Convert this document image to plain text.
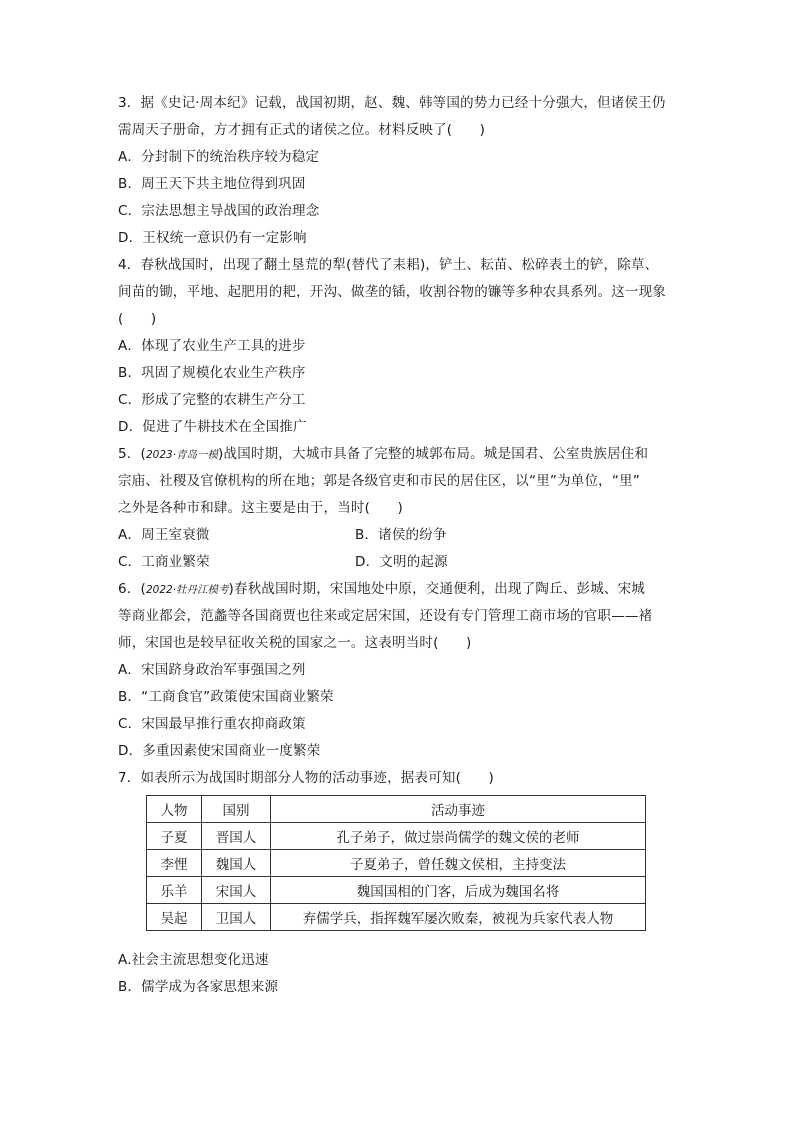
3．据《史记·周本纪》记载，战国初期，赵、魏、韩等国的势力已经十分强大，但诸侯王仍
需周天子册命，方才拥有正式的诸侯之位。材料反映了(　　)
A．分封制下的统治秩序较为稳定
B．周王天下共主地位得到巩固
C．宗法思想主导战国的政治理念
D．王权统一意识仍有一定影响
4．春秋战国时，出现了翻土垦荒的犁(替代了耒耜)，铲土、耘苗、松碎表土的铲，除草、
间苗的锄，平地、起肥用的耙，开沟、做垄的锸，收割谷物的镰等多种农具系列。这一现象
(　　)
A．体现了农业生产工具的进步
B．巩固了规模化农业生产秩序
C．形成了完整的农耕生产分工
D．促进了牛耕技术在全国推广
5．(2023·青岛一模)战国时期，大城市具备了完整的城郭布局。城是国君、公室贵族居住和
宗庙、社稷及官僚机构的所在地；郭是各级官吏和市民的居住区，以“里”为单位，“里”
之外是各种市和肆。这主要是由于，当时(　　)
A．周王室衰微	B．诸侯的纷争
C．工商业繁荣	D．文明的起源
6．(2022·牡丹江模考)春秋战国时期，宋国地处中原，交通便利，出现了陶丘、彭城、宋城
等商业都会，范蠡等各国商贾也往来或定居宋国，还设有专门管理工商市场的官职——褚
师，宋国也是较早征收关税的国家之一。这表明当时(　　)
A．宋国跻身政治军事强国之列
B．“工商食官”政策使宋国商业繁荣
C．宋国最早推行重农抑商政策
D．多重因素使宋国商业一度繁荣
7．如表所示为战国时期部分人物的活动事迹，据表可知(　　)
人物	国别	活动事迹
子夏	晋国人	孔子弟子，做过崇尚儒学的魏文侯的老师
李悝	魏国人	子夏弟子，曾任魏文侯相，主持变法
乐羊	宋国人	魏国国相的门客，后成为魏国名将
吴起	卫国人	弃儒学兵，指挥魏军屡次败秦，被视为兵家代表人物
A.社会主流思想变化迅速
B．儒学成为各家思想来源
